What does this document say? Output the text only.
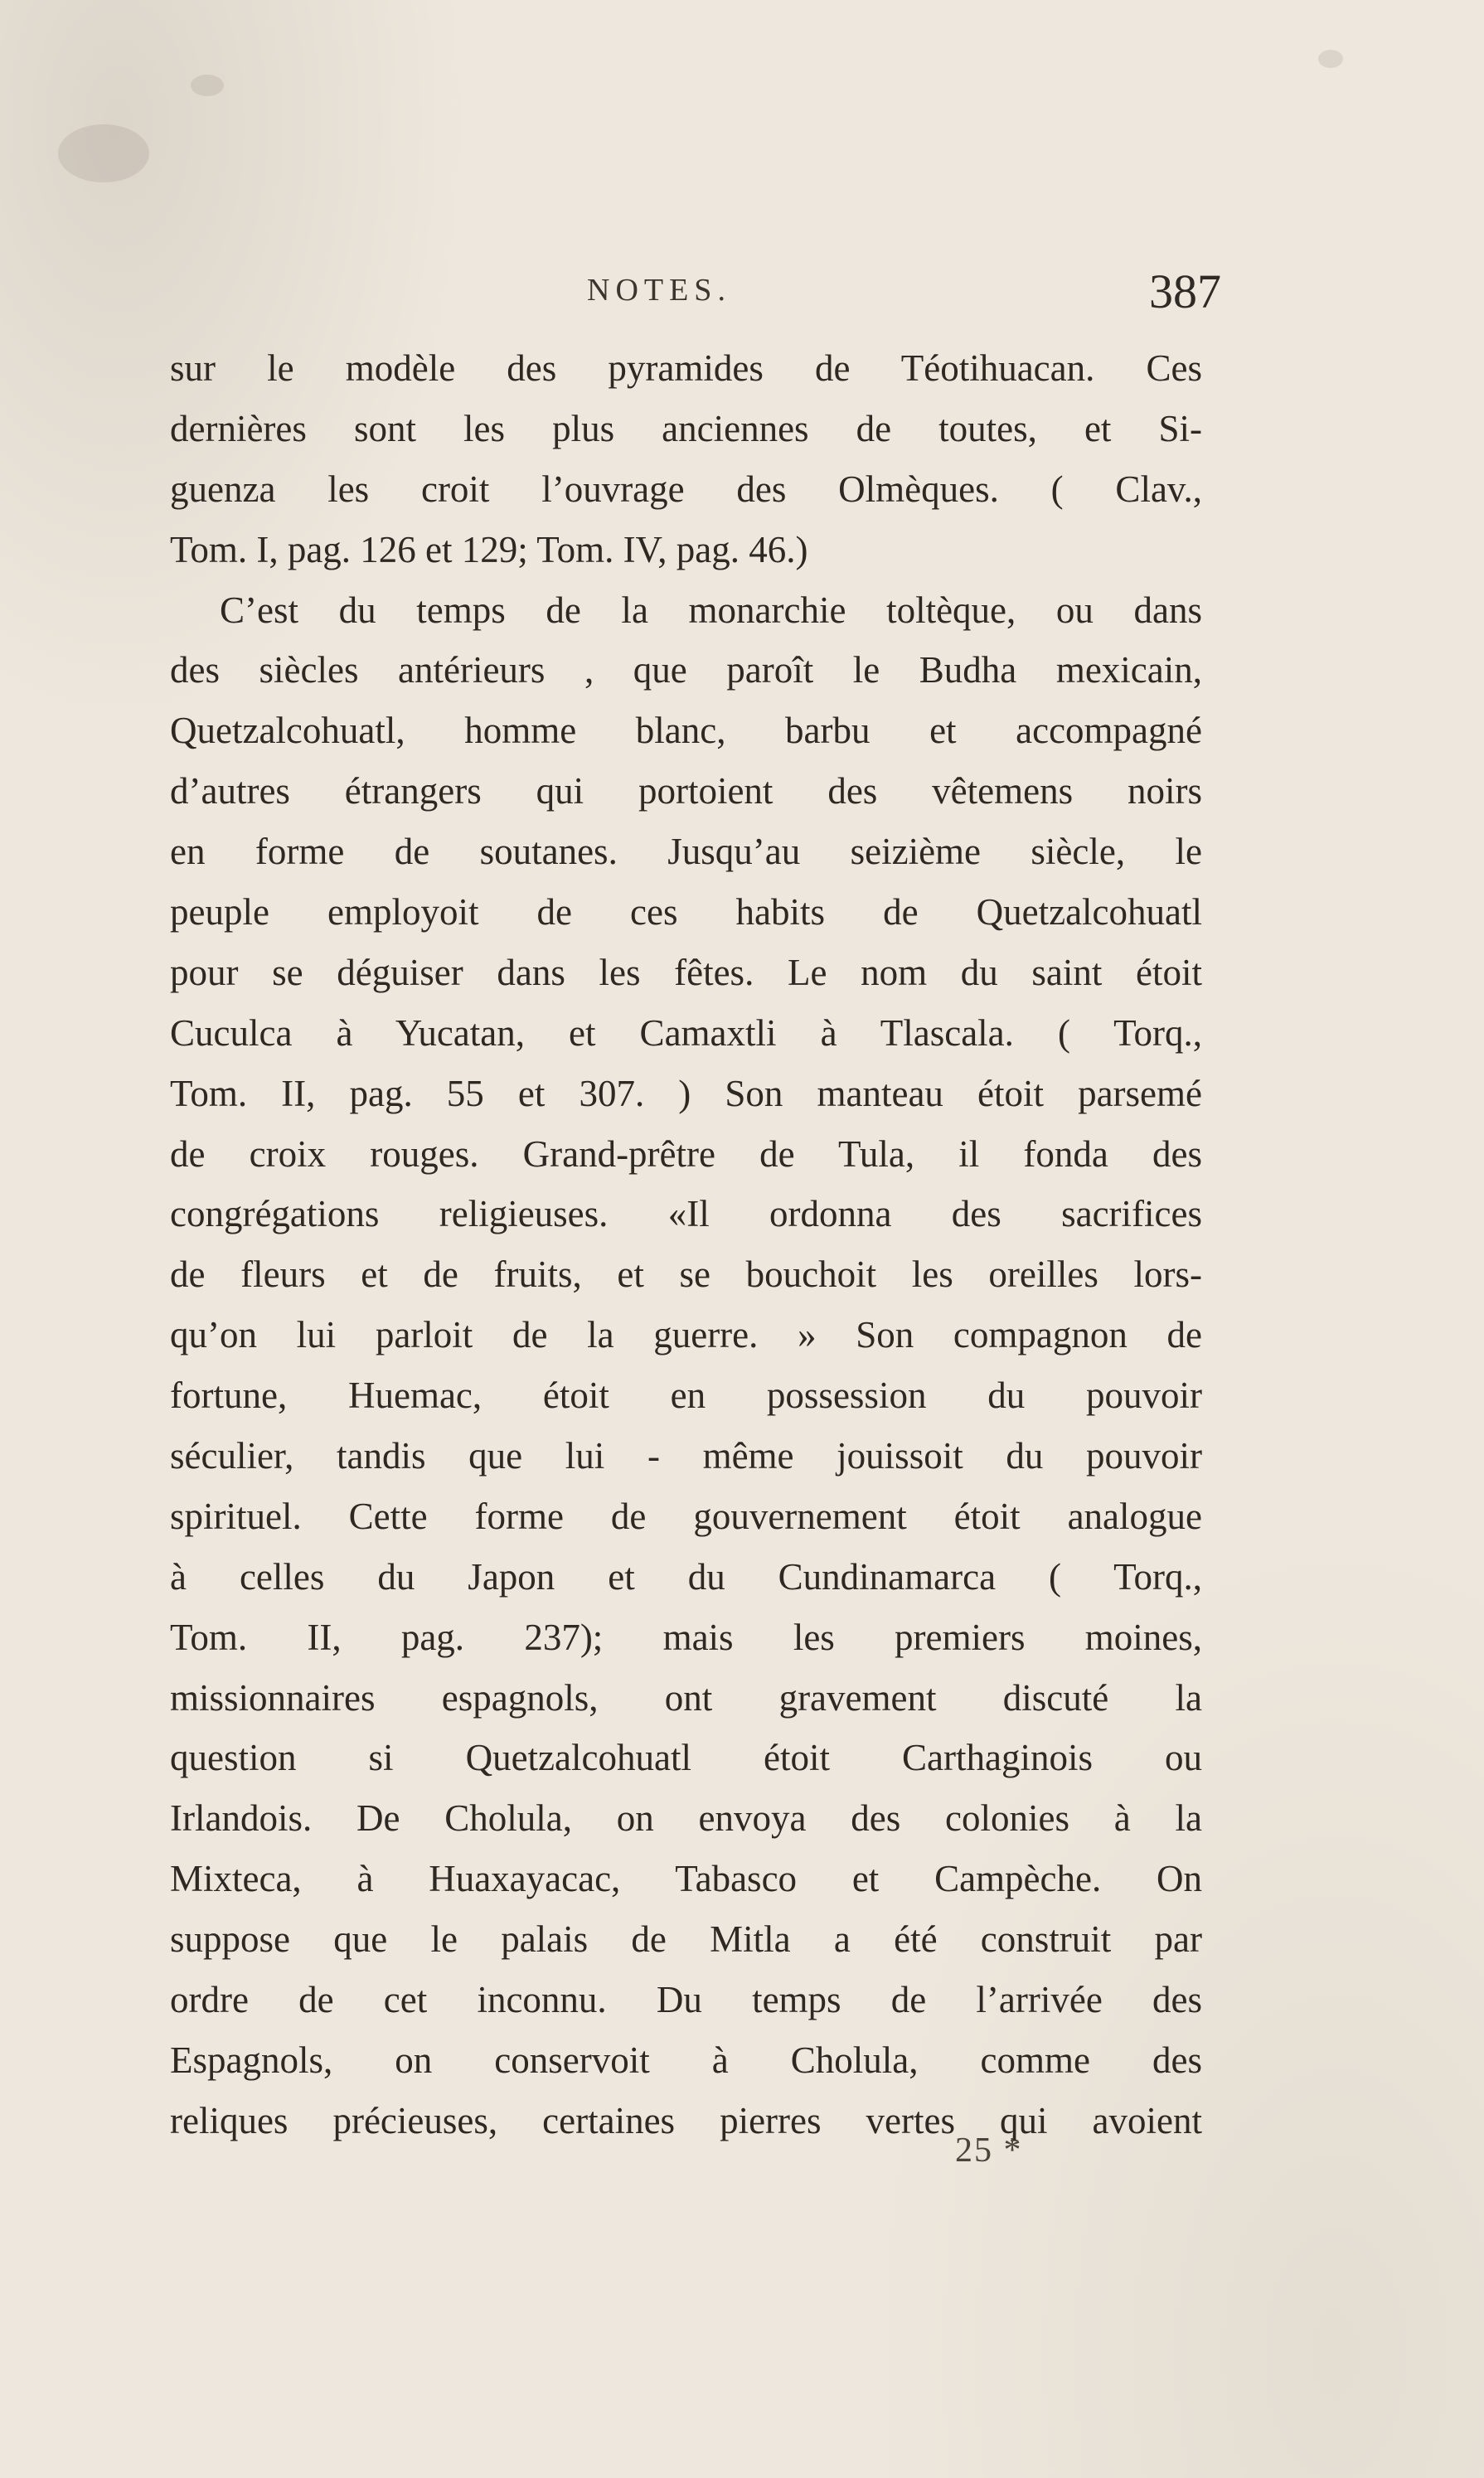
NOTES.	387
sur le modèle des pyramides de Téotihuacan. Ces
dernières sont les plus anciennes de toutes, et Si-
guenza les croit l’ouvrage des Olmèques. ( Clav.,
Tom. I, pag. 126 et 129; Tom. IV, pag. 46.)
C’est du temps de la monarchie toltèque, ou dans
des siècles antérieurs , que paroît le Budha mexicain,
Quetzalcohuatl, homme blanc, barbu et accompagné
d’autres étrangers qui portoient des vêtemens noirs
en forme de soutanes. Jusqu’au seizième siècle, le
peuple employoit de ces habits de Quetzalcohuatl
pour se déguiser dans les fêtes. Le nom du saint étoit
Cuculca à Yucatan, et Camaxtli à Tlascala. ( Torq.,
Tom. II, pag. 55 et 307. ) Son manteau étoit parsemé
de croix rouges. Grand-prêtre de Tula, il fonda des
congrégations religieuses. «Il ordonna des sacrifices
de fleurs et de fruits, et se bouchoit les oreilles lors-
qu’on lui parloit de la guerre. » Son compagnon de
fortune, Huemac, étoit en possession du pouvoir
séculier, tandis que lui - même jouissoit du pouvoir
spirituel. Cette forme de gouvernement étoit analogue
à celles du Japon et du Cundinamarca ( Torq.,
Tom. II, pag. 237); mais les premiers moines,
missionnaires espagnols, ont gravement discuté la
question si Quetzalcohuatl étoit Carthaginois ou
Irlandois. De Cholula, on envoya des colonies à la
Mixteca, à Huaxayacac, Tabasco et Campèche. On
suppose que le palais de Mitla a été construit par
ordre de cet inconnu. Du temps de l’arrivée des
Espagnols, on conservoit à Cholula, comme des
reliques précieuses, certaines pierres vertes qui avoient
25 *
